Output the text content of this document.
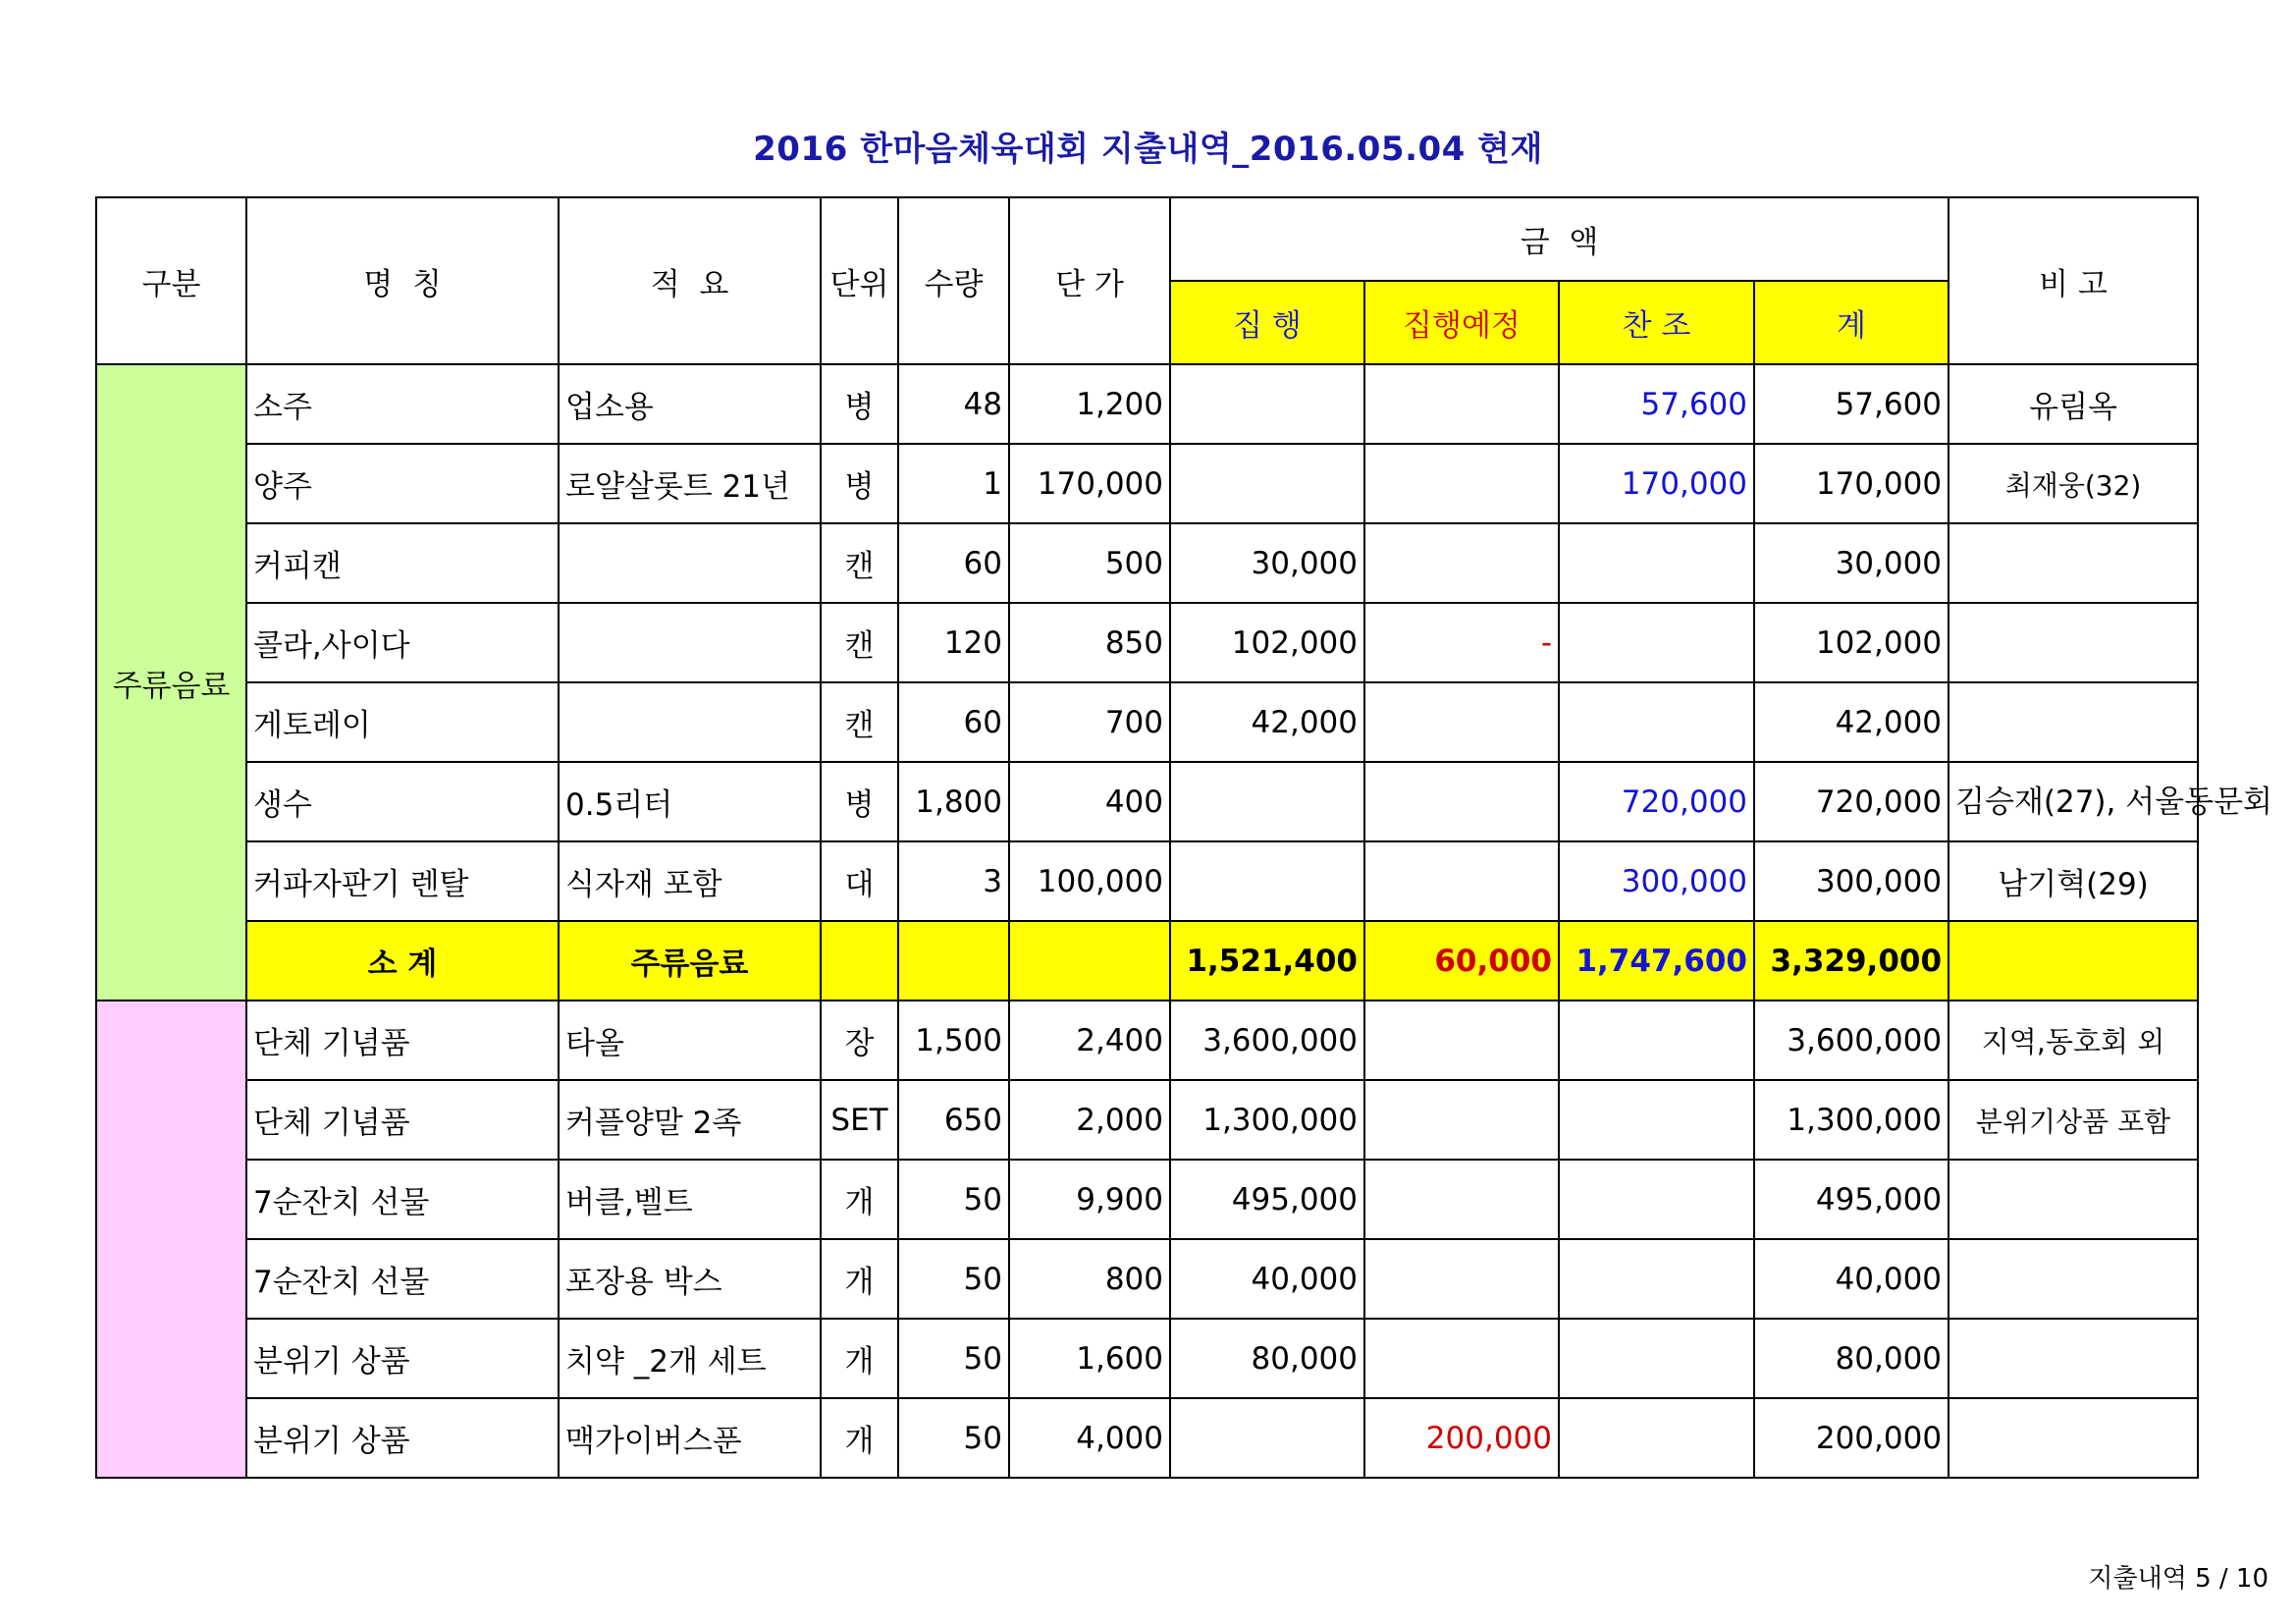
2016 한마음체육대회 지출내역_2016.05.04 현재
구분	명  칭	적  요	단위	수량	단 가	금  액				비 고
						집 행	집행예정	찬 조	계	
주류음료	소주	업소용	병	48	1,200			57,600	57,600	유림옥
	양주	로얄살롯트 21년	병	1	170,000			170,000	170,000	최재웅(32)
	커피캔		캔	60	500	30,000			30,000	
	콜라,사이다		캔	120	850	102,000	-		102,000	
	게토레이		캔	60	700	42,000			42,000	
	생수	0.5리터	병	1,800	400			720,000	720,000	김승재(27), 서울동문회
	커파자판기 렌탈	식자재 포함	대	3	100,000			300,000	300,000	남기혁(29)
	소 계	주류음료				1,521,400	60,000	1,747,600	3,329,000	
	단체 기념품	타올	장	1,500	2,400	3,600,000			3,600,000	지역,동호회 외
	단체 기념품	커플양말 2족	SET	650	2,000	1,300,000			1,300,000	분위기상품 포함
	7순잔치 선물	버클,벨트	개	50	9,900	495,000			495,000	
	7순잔치 선물	포장용 박스	개	50	800	40,000			40,000	
	분위기 상품	치약 _2개 세트	개	50	1,600	80,000			80,000	
	분위기 상품	맥가이버스푼	개	50	4,000		200,000		200,000	
지출내역 5 / 10
